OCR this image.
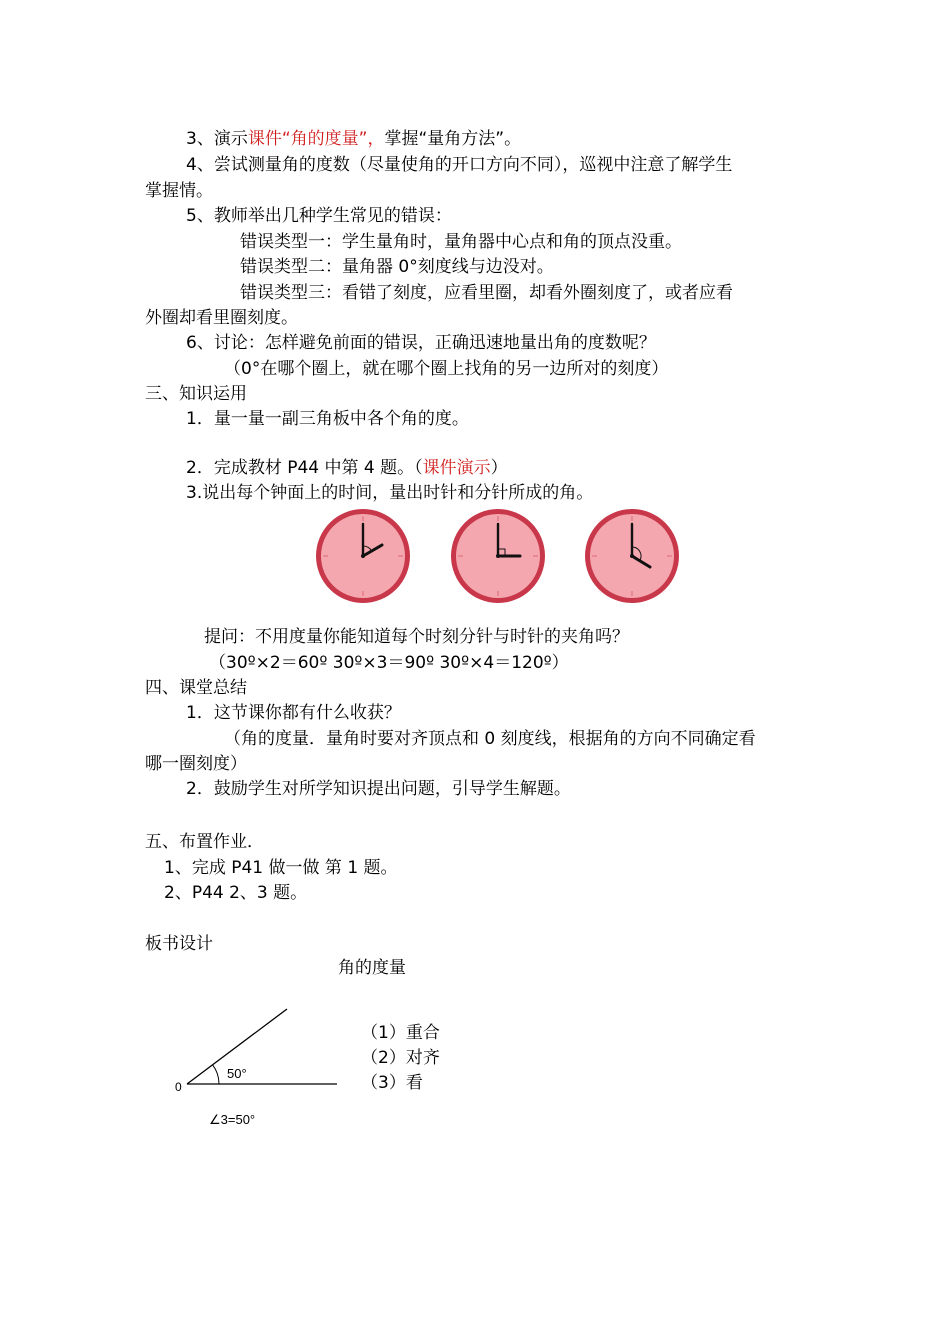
3、演示课件“角的度量”，掌握“量角方法”。
4、尝试测量角的度数（尽量使角的开口方向不同），巡视中注意了解学生
掌握情。
5、教师举出几种学生常见的错误：
错误类型一：学生量角时，量角器中心点和角的顶点没重。
错误类型二：量角器 0°刻度线与边没对。
错误类型三：看错了刻度，应看里圈，却看外圈刻度了，或者应看
外圈却看里圈刻度。
6、讨论：怎样避免前面的错误，正确迅速地量出角的度数呢？
（0°在哪个圈上，就在哪个圈上找角的另一边所对的刻度）
三、知识运用
1．量一量一副三角板中各个角的度。
2．完成教材 P44 中第 4 题。（课件演示）
3.说出每个钟面上的时间，量出时针和分针所成的角。
提问：不用度量你能知道每个时刻分针与时针的夹角吗？
（30º×2＝60º 30º×3＝90º 30º×4＝120º）
四、课堂总结
1．这节课你都有什么收获？
（角的度量．量角时要对齐顶点和 0 刻度线，根据角的方向不同确定看
哪一圈刻度）
2．鼓励学生对所学知识提出问题，引导学生解题。
五、布置作业．
1、完成 P41 做一做 第 1 题。
2、P44 2、3 题。
板书设计
角的度量
0
50°
∠3=50°
（1）重合
（2）对齐
（3）看
